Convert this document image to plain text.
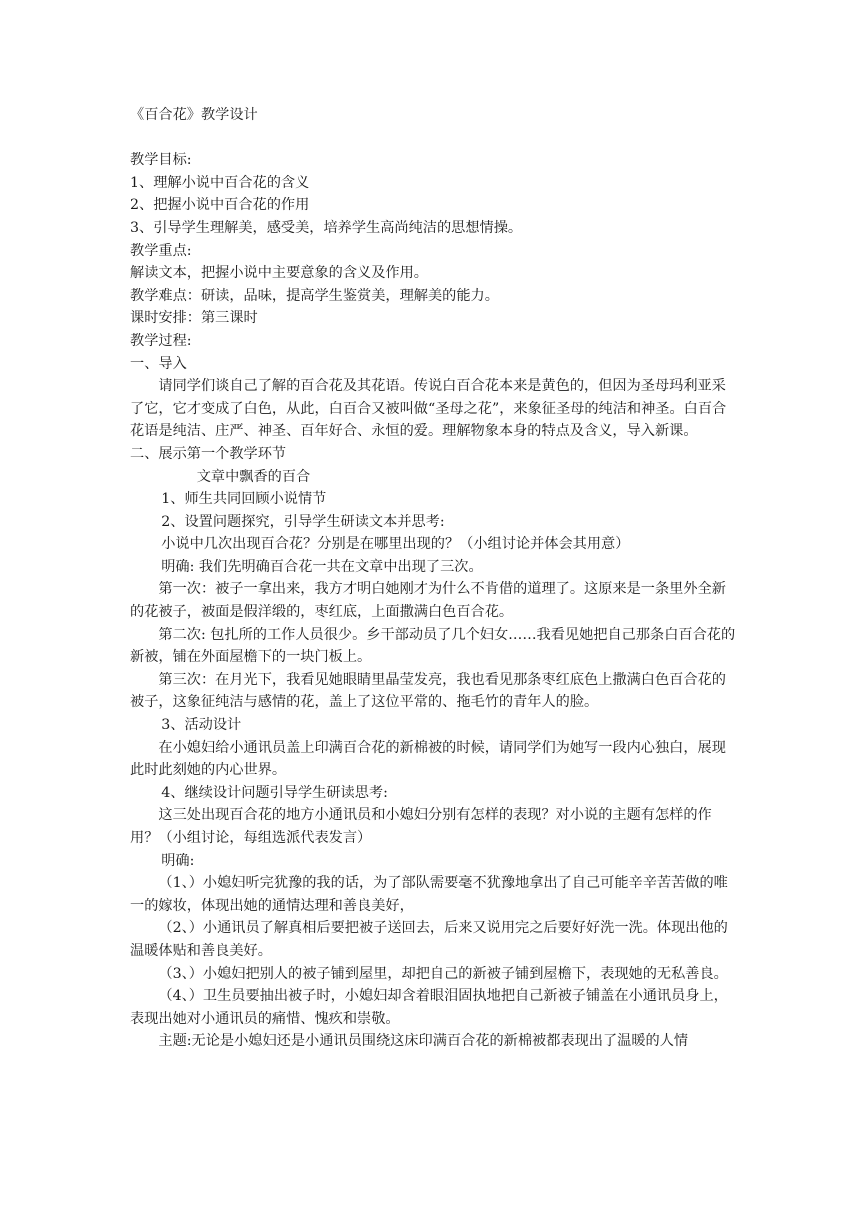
《百合花》教学设计

教学目标:

1、理解小说中百合花的含义

2、把握小说中百合花的作用

3、引导学生理解美，感受美，培养学生高尚纯洁的思想情操。

教学重点:

解读文本，把握小说中主要意象的含义及作用。

教学难点：研读，品味，提高学生鉴赏美，理解美的能力。

课时安排：第三课时

教学过程:

一、导入

请同学们谈自己了解的百合花及其花语。传说白百合花本来是黄色的，但因为圣母玛利亚采了它，它才变成了白色，从此，白百合又被叫做“圣母之花”，来象征圣母的纯洁和神圣。白百合花语是纯洁、庄严、神圣、百年好合、永恒的爱。理解物象本身的特点及含义，导入新课。

二、展示第一个教学环节

文章中飘香的百合

1、师生共同回顾小说情节

2、设置问题探究，引导学生研读文本并思考:

小说中几次出现百合花？分别是在哪里出现的？（小组讨论并体会其用意）

明确: 我们先明确百合花一共在文章中出现了三次。

第一次：被子一拿出来，我方才明白她刚才为什么不肯借的道理了。这原来是一条里外全新的花被子，被面是假洋缎的，枣红底，上面撒满白色百合花。

第二次: 包扎所的工作人员很少。乡干部动员了几个妇女……我看见她把自己那条白百合花的新被，铺在外面屋檐下的一块门板上。

第三次：在月光下，我看见她眼睛里晶莹发亮，我也看见那条枣红底色上撒满白色百合花的被子，这象征纯洁与感情的花，盖上了这位平常的、拖毛竹的青年人的脸。

3、活动设计

在小媳妇给小通讯员盖上印满百合花的新棉被的时候，请同学们为她写一段内心独白，展现此时此刻她的内心世界。

4、继续设计问题引导学生研读思考:

这三处出现百合花的地方小通讯员和小媳妇分别有怎样的表现？对小说的主题有怎样的作用？（小组讨论，每组选派代表发言）

明确:

（1、）小媳妇听完犹豫的我的话，为了部队需要毫不犹豫地拿出了自己可能辛辛苦苦做的唯一的嫁妆，体现出她的通情达理和善良美好，

（2、）小通讯员了解真相后要把被子送回去，后来又说用完之后要好好洗一洗。体现出他的温暖体贴和善良美好。

（3、）小媳妇把别人的被子铺到屋里，却把自己的新被子铺到屋檐下，表现她的无私善良。

（4、）卫生员要抽出被子时，小媳妇却含着眼泪固执地把自己新被子铺盖在小通讯员身上，表现出她对小通讯员的痛惜、愧疚和崇敬。

主题:无论是小媳妇还是小通讯员围绕这床印满百合花的新棉被都表现出了温暖的人情
